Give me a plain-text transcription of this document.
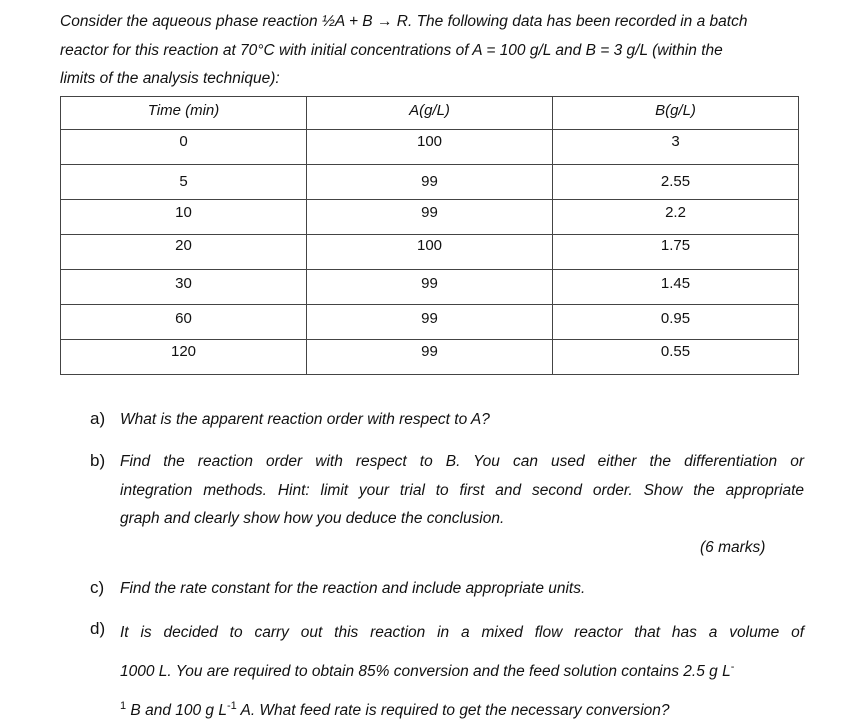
Consider the aqueous phase reaction ½A + B → R. The following data has been recorded in a batch
reactor for this reaction at 70°C with initial concentrations of A = 100 g/L and B = 3 g/L (within the
limits of the analysis technique):
Time (min)	A(g/L)	B(g/L)
0	100	3
5	99	2.55
10	99	2.2
20	100	1.75
30	99	1.45
60	99	0.95
120	99	0.55
a) What is the apparent reaction order with respect to A?
b) Find the reaction order with respect to B. You can used either the differentiation or
integration methods. Hint: limit your trial to first and second order. Show the appropriate
graph and clearly show how you deduce the conclusion.
(6 marks)
c) Find the rate constant for the reaction and include appropriate units.
d) It is decided to carry out this reaction in a mixed flow reactor that has a volume of
1000 L. You are required to obtain 85% conversion and the feed solution contains 2.5 g L-
$^1$ B and 100 g $L^{-1}$ A. What feed rate is required to get the necessary conversion?
